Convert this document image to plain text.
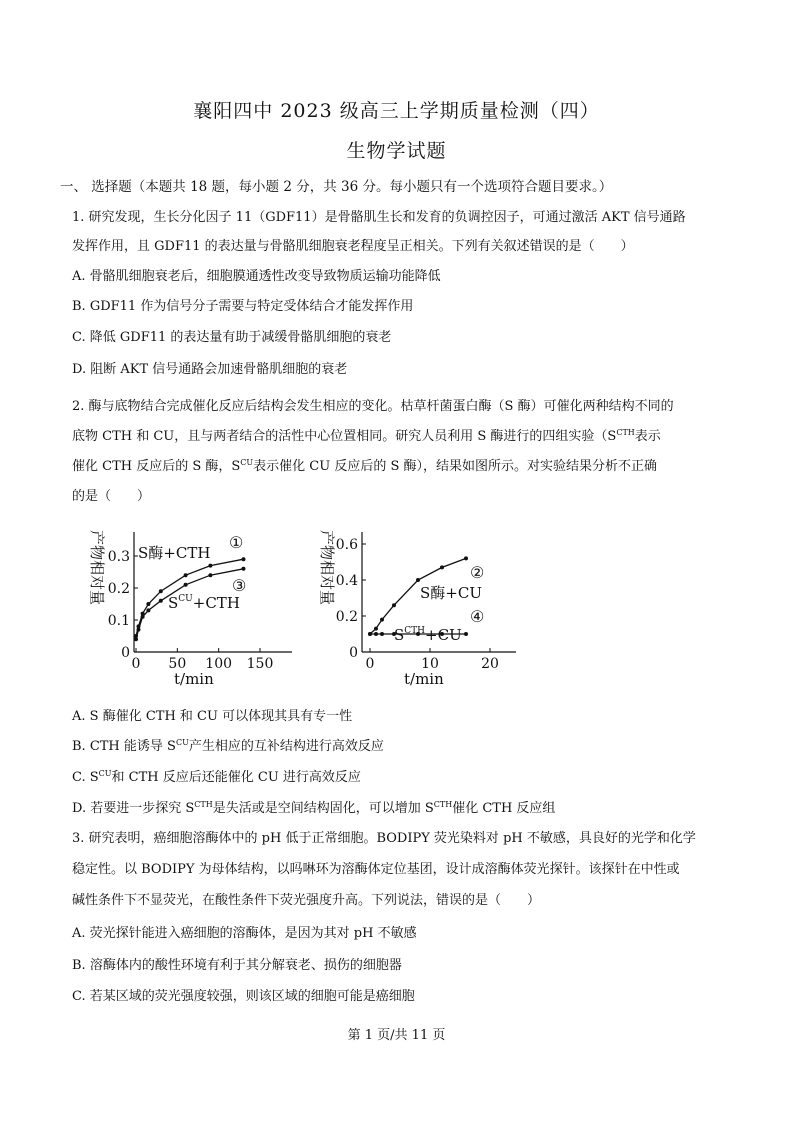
襄阳四中 2023 级高三上学期质量检测（四）
生物学试题
一、 选择题（本题共 18 题，每小题 2 分，共 36 分。每小题只有一个选项符合题目要求。）
1. 研究发现，生长分化因子 11（GDF11）是骨骼肌生长和发育的负调控因子，可通过激活 AKT 信号通路
发挥作用，且 GDF11 的表达量与骨骼肌细胞衰老程度呈正相关。下列有关叙述错误的是（　　）
A. 骨骼肌细胞衰老后，细胞膜通透性改变导致物质运输功能降低
B. GDF11 作为信号分子需要与特定受体结合才能发挥作用
C. 降低 GDF11 的表达量有助于减缓骨骼肌细胞的衰老
D. 阻断 AKT 信号通路会加速骨骼肌细胞的衰老
2. 酶与底物结合完成催化反应后结构会发生相应的变化。枯草杆菌蛋白酶（S 酶）可催化两种结构不同的
底物 CTH 和 CU，且与两者结合的活性中心位置相同。研究人员利用 S 酶进行的四组实验（$S^{CTH}$表示
催化 CTH 反应后的 S 酶，$S^{CU}$表示催化 CU 反应后的 S 酶），结果如图所示。对实验结果分析不正确
的是（　　）
产物相对量
0
0.1
0.2
0.3
0 50 100 150
t/min
S酶+CTH
①
③
$S^{CU}+CTH$	产物相对量
0
0.2
0.4
0.6
0	10	20
t/min
②
S酶+CU
④
$S^{CTH}+CU$
A. S 酶催化 CTH 和 CU 可以体现其具有专一性
B. CTH 能诱导 $S^{CU}$产生相应的互补结构进行高效反应
C. $S^{CU}$和 CTH 反应后还能催化 CU 进行高效反应
D. 若要进一步探究 $S^{CTH}$是失活或是空间结构固化，可以增加 $S^{CTH}$催化 CTH 反应组
3. 研究表明，癌细胞溶酶体中的 pH 低于正常细胞。BODIPY 荧光染料对 pH 不敏感，具良好的光学和化学
稳定性。以 BODIPY 为母体结构，以吗啉环为溶酶体定位基团，设计成溶酶体荧光探针。该探针在中性或
碱性条件下不显荧光，在酸性条件下荧光强度升高。下列说法，错误的是（　　）
A. 荧光探针能进入癌细胞的溶酶体，是因为其对 pH 不敏感
B. 溶酶体内的酸性环境有利于其分解衰老、损伤的细胞器
C. 若某区域的荧光强度较强，则该区域的细胞可能是癌细胞
第 1 页/共 11 页
